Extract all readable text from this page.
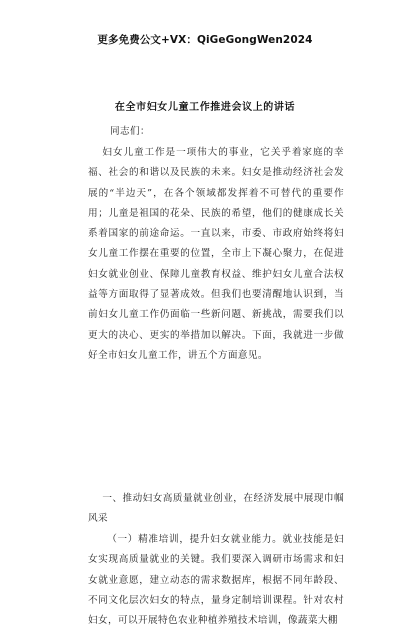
更多免费公文+VX：QiGeGongWen2024
在全市妇女儿童工作推进会议上的讲话
同志们：
妇女儿童工作是一项伟大的事业，它关乎着家庭的幸福、社会的和谐以及民族的未来。妇女是推动经济社会发展的“半边天”，在各个领域都发挥着不可替代的重要作用；儿童是祖国的花朵、民族的希望，他们的健康成长关系着国家的前途命运。一直以来，市委、市政府始终将妇女儿童工作摆在重要的位置，全市上下凝心聚力，在促进妇女就业创业、保障儿童教育权益、维护妇女儿童合法权益等方面取得了显著成效。但我们也要清醒地认识到，当前妇女儿童工作仍面临一些新问题、新挑战，需要我们以更大的决心、更实的举措加以解决。下面，我就进一步做好全市妇女儿童工作，讲五个方面意见。
一、推动妇女高质量就业创业，在经济发展中展现巾帼风采
（一）精准培训，提升妇女就业能力。就业技能是妇女实现高质量就业的关键。我们要深入调研市场需求和妇女就业意愿，建立动态的需求数据库，根据不同年龄段、不同文化层次妇女的特点，量身定制培训课程。针对农村妇女，可以开展特色农业种植养殖技术培训，像蔬菜大棚
